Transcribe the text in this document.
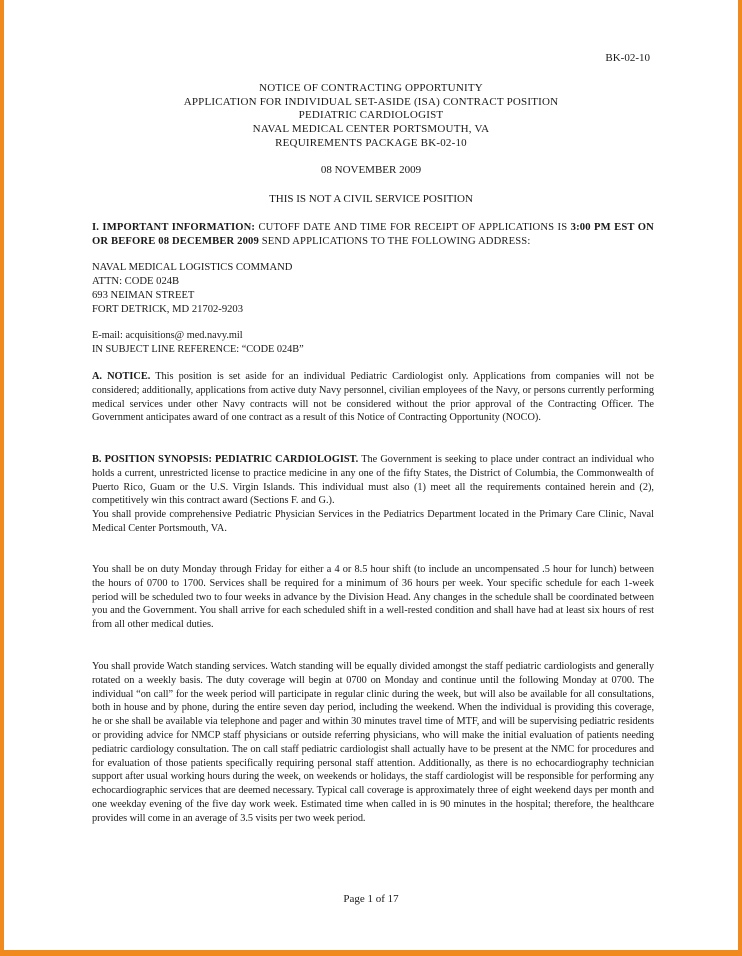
BK-02-10
NOTICE OF CONTRACTING OPPORTUNITY
APPLICATION FOR INDIVIDUAL SET-ASIDE (ISA) CONTRACT POSITION
PEDIATRIC CARDIOLOGIST
NAVAL MEDICAL CENTER PORTSMOUTH, VA
REQUIREMENTS PACKAGE BK-02-10
08 NOVEMBER 2009
THIS IS NOT A CIVIL SERVICE POSITION

I. IMPORTANT INFORMATION: CUTOFF DATE AND TIME FOR RECEIPT OF APPLICATIONS IS 3:00 PM EST ON OR BEFORE 08 DECEMBER 2009 SEND APPLICATIONS TO THE FOLLOWING ADDRESS:

NAVAL MEDICAL LOGISTICS COMMAND
ATTN: CODE 024B
693 NEIMAN STREET
FORT DETRICK, MD 21702-9203
E-mail: acquisitions@ med.navy.mil
IN SUBJECT LINE REFERENCE: “CODE 024B”

A. NOTICE. This position is set aside for an individual Pediatric Cardiologist only. Applications from companies will not be considered; additionally, applications from active duty Navy personnel, civilian employees of the Navy, or persons currently performing medical services under other Navy contracts will not be considered without the prior approval of the Contracting Officer. The Government anticipates award of one contract as a result of this Notice of Contracting Opportunity (NOCO).

B. POSITION SYNOPSIS: PEDIATRIC CARDIOLOGIST. The Government is seeking to place under contract an individual who holds a current, unrestricted license to practice medicine in any one of the fifty States, the District of Columbia, the Commonwealth of Puerto Rico, Guam or the U.S. Virgin Islands. This individual must also (1) meet all the requirements contained herein and (2), competitively win this contract award (Sections F. and G.).

You shall provide comprehensive Pediatric Physician Services in the Pediatrics Department located in the Primary Care Clinic, Naval Medical Center Portsmouth, VA.

You shall be on duty Monday through Friday for either a 4 or 8.5 hour shift (to include an uncompensated .5 hour for lunch) between the hours of 0700 to 1700. Services shall be required for a minimum of 36 hours per week. Your specific schedule for each 1-week period will be scheduled two to four weeks in advance by the Division Head. Any changes in the schedule shall be coordinated between you and the Government. You shall arrive for each scheduled shift in a well-rested condition and shall have had at least six hours of rest from all other medical duties.

You shall provide Watch standing services. Watch standing will be equally divided amongst the staff pediatric cardiologists and generally rotated on a weekly basis. The duty coverage will begin at 0700 on Monday and continue until the following Monday at 0700. The individual “on call” for the week period will participate in regular clinic during the week, but will also be available for all consultations, both in house and by phone, during the entire seven day period, including the weekend. When the individual is providing this coverage, he or she shall be available via telephone and pager and within 30 minutes travel time of MTF, and will be supervising pediatric residents or providing advice for NMCP staff physicians or outside referring physicians, who will make the initial evaluation of patients needing pediatric cardiology consultation. The on call staff pediatric cardiologist shall actually have to be present at the NMC for procedures and for evaluation of those patients specifically requiring personal staff attention. Additionally, as there is no echocardiography technician support after usual working hours during the week, on weekends or holidays, the staff cardiologist will be responsible for performing any echocardiographic services that are deemed necessary. Typical call coverage is approximately three of eight weekend days per month and one weekday evening of the five day work week. Estimated time when called in is 90 minutes in the hospital; therefore, the healthcare provides will come in an average of 3.5 visits per two week period.

Page 1 of 17
